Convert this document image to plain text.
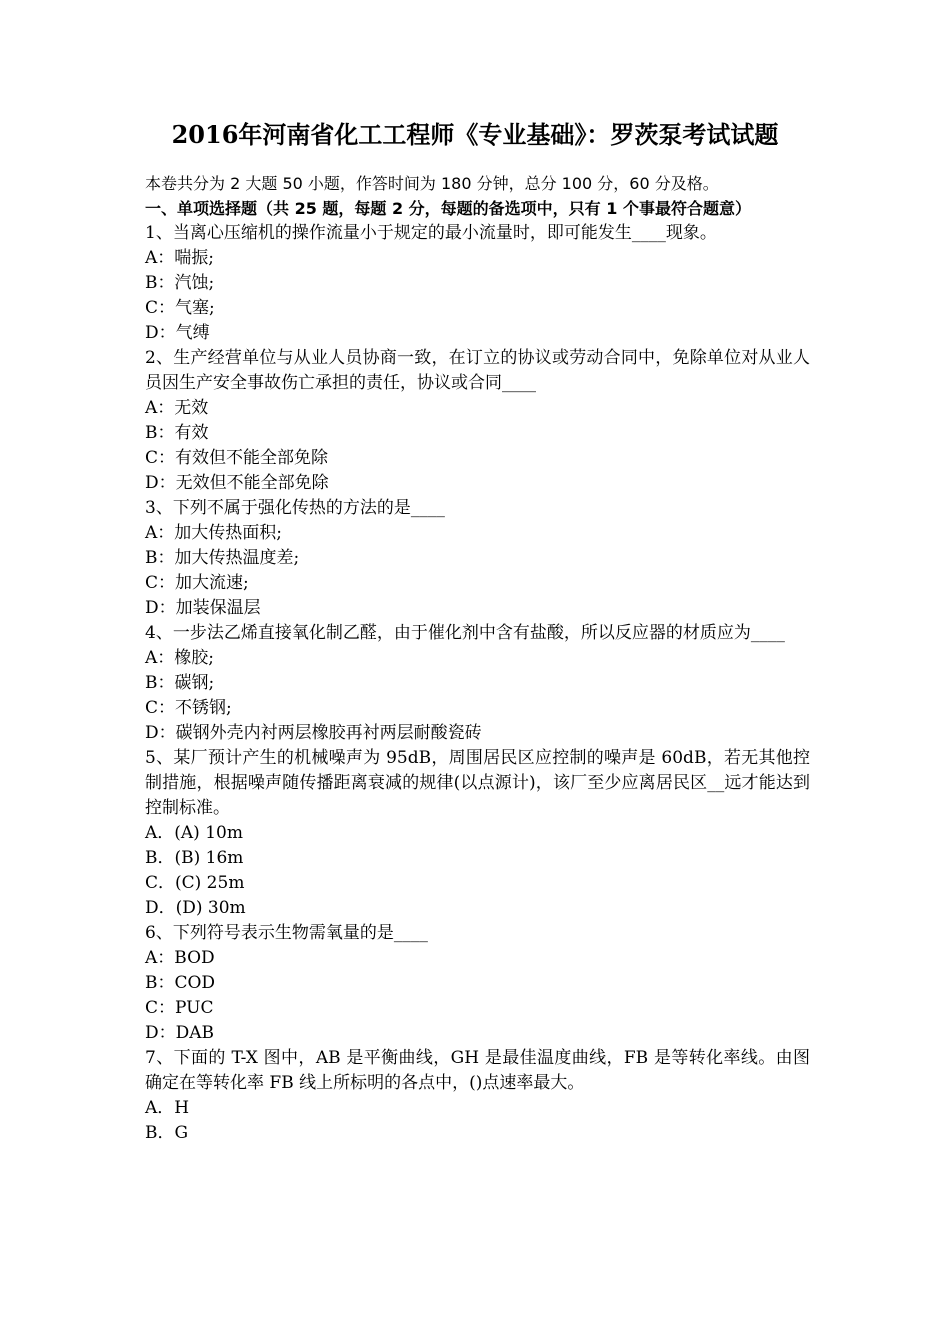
2016年河南省化工工程师《专业基础》：罗茨泵考试试题
本卷共分为 2 大题 50 小题，作答时间为 180 分钟，总分 100 分，60 分及格。
一、单项选择题（共 25 题，每题 2 分，每题的备选项中，只有 1 个事最符合题意）
1、当离心压缩机的操作流量小于规定的最小流量时，即可能发生____现象。
A：喘振;
B：汽蚀;
C：气塞;
D：气缚
2、生产经营单位与从业人员协商一致，在订立的协议或劳动合同中，免除单位对从业人员因生产安全事故伤亡承担的责任，协议或合同____
A：无效
B：有效
C：有效但不能全部免除
D：无效但不能全部免除
3、下列不属于强化传热的方法的是____
A：加大传热面积;
B：加大传热温度差;
C：加大流速;
D：加装保温层
4、一步法乙烯直接氧化制乙醛，由于催化剂中含有盐酸，所以反应器的材质应为____
A：橡胶;
B：碳钢;
C：不锈钢;
D：碳钢外壳内衬两层橡胶再衬两层耐酸瓷砖
5、某厂预计产生的机械噪声为 95dB，周围居民区应控制的噪声是 60dB，若无其他控制措施，根据噪声随传播距离衰减的规律(以点源计)，该厂至少应离居民区__远才能达到控制标准。
A．(A) 10m
B．(B) 16m
C．(C) 25m
D．(D) 30m
6、下列符号表示生物需氧量的是____
A：BOD
B：COD
C：PUC
D：DAB
7、下面的 T-X 图中，AB 是平衡曲线，GH 是最佳温度曲线，FB 是等转化率线。由图确定在等转化率 FB 线上所标明的各点中，()点速率最大。
A．H
B．G
